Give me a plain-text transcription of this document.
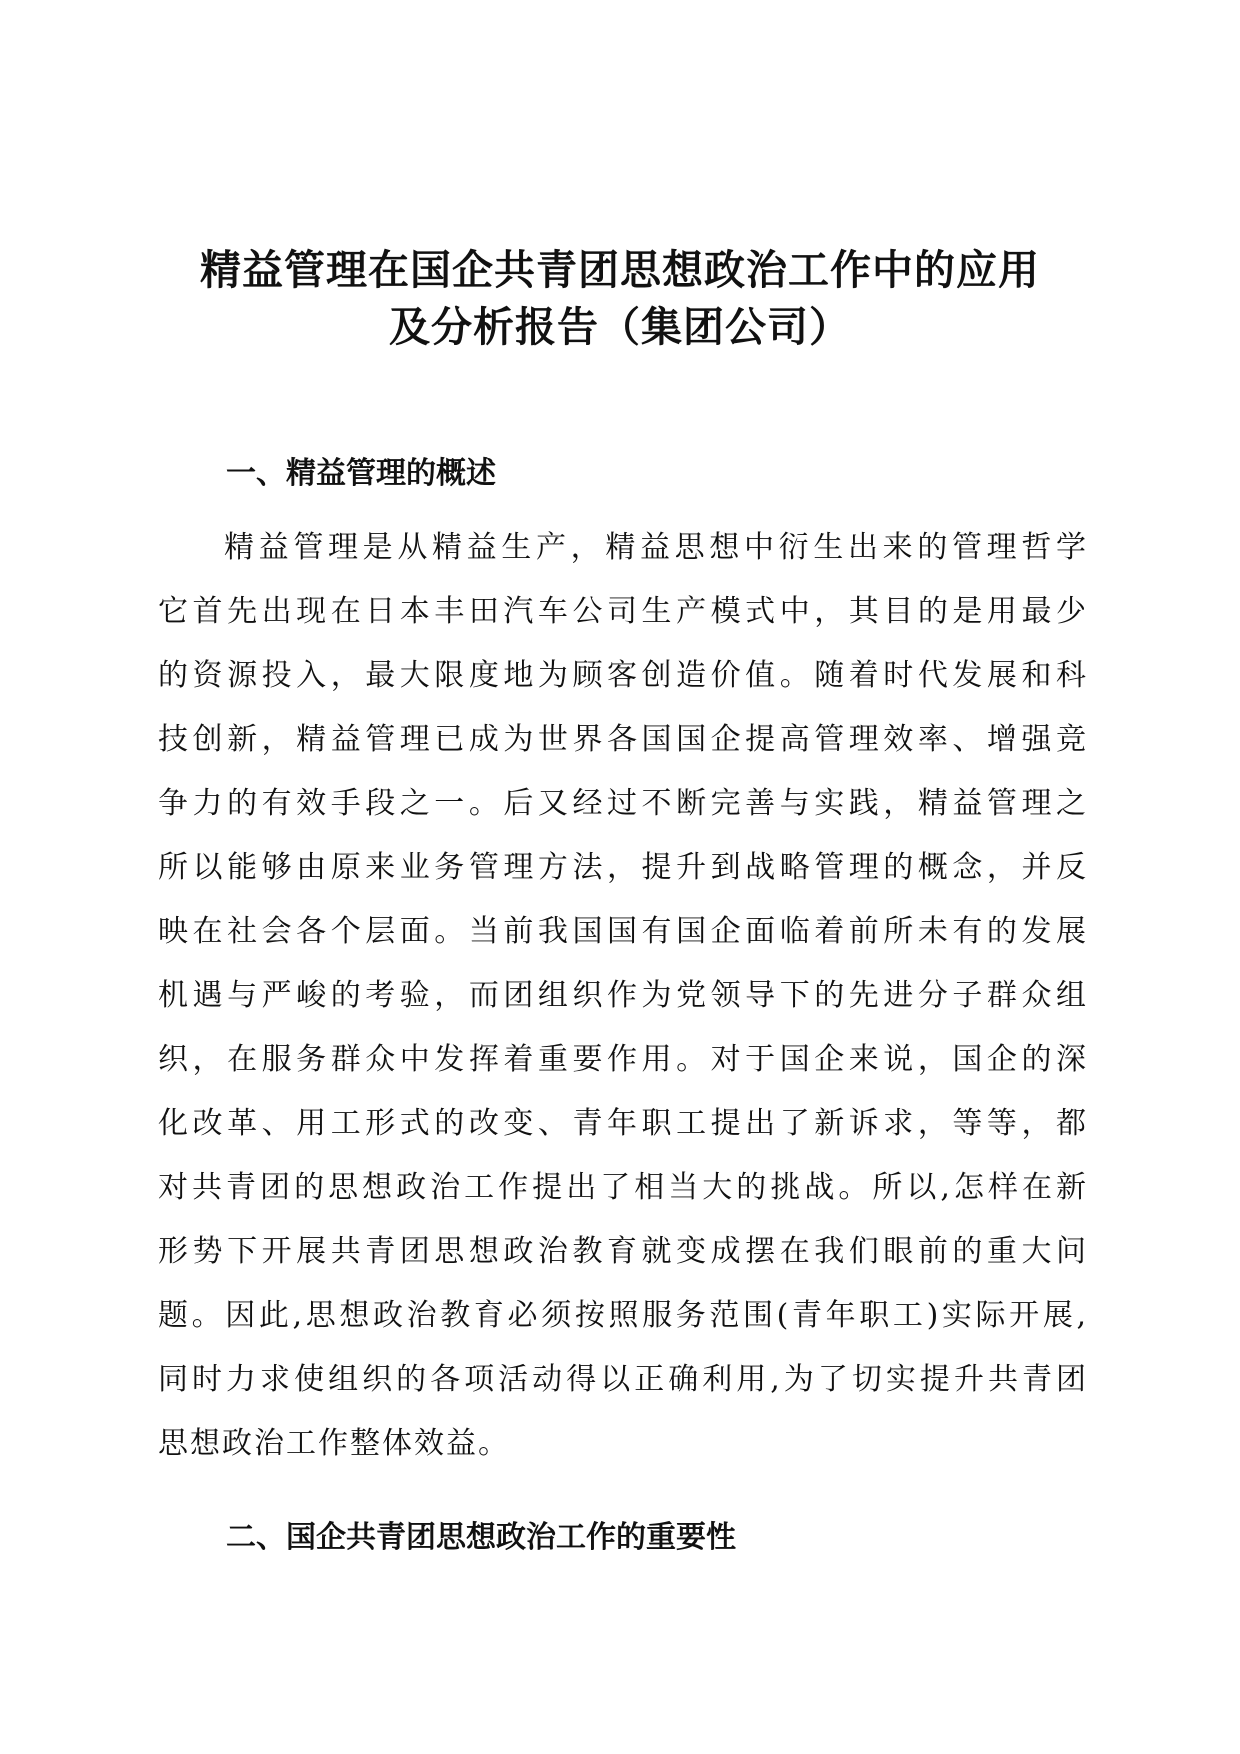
精益管理在国企共青团思想政治工作中的应用
及分析报告（集团公司）
一、精益管理的概述
精益管理是从精益生产，精益思想中衍生出来的管理哲学
它首先出现在日本丰田汽车公司生产模式中，其目的是用最少
的资源投入，最大限度地为顾客创造价值。随着时代发展和科
技创新，精益管理已成为世界各国国企提高管理效率、增强竞
争力的有效手段之一。后又经过不断完善与实践，精益管理之
所以能够由原来业务管理方法，提升到战略管理的概念，并反
映在社会各个层面。当前我国国有国企面临着前所未有的发展
机遇与严峻的考验，而团组织作为党领导下的先进分子群众组
织，在服务群众中发挥着重要作用。对于国企来说，国企的深
化改革、用工形式的改变、青年职工提出了新诉求，等等，都
对共青团的思想政治工作提出了相当大的挑战。所以,怎样在新
形势下开展共青团思想政治教育就变成摆在我们眼前的重大问
题。因此,思想政治教育必须按照服务范围(青年职工)实际开展,
同时力求使组织的各项活动得以正确利用,为了切实提升共青团
思想政治工作整体效益。
二、国企共青团思想政治工作的重要性
